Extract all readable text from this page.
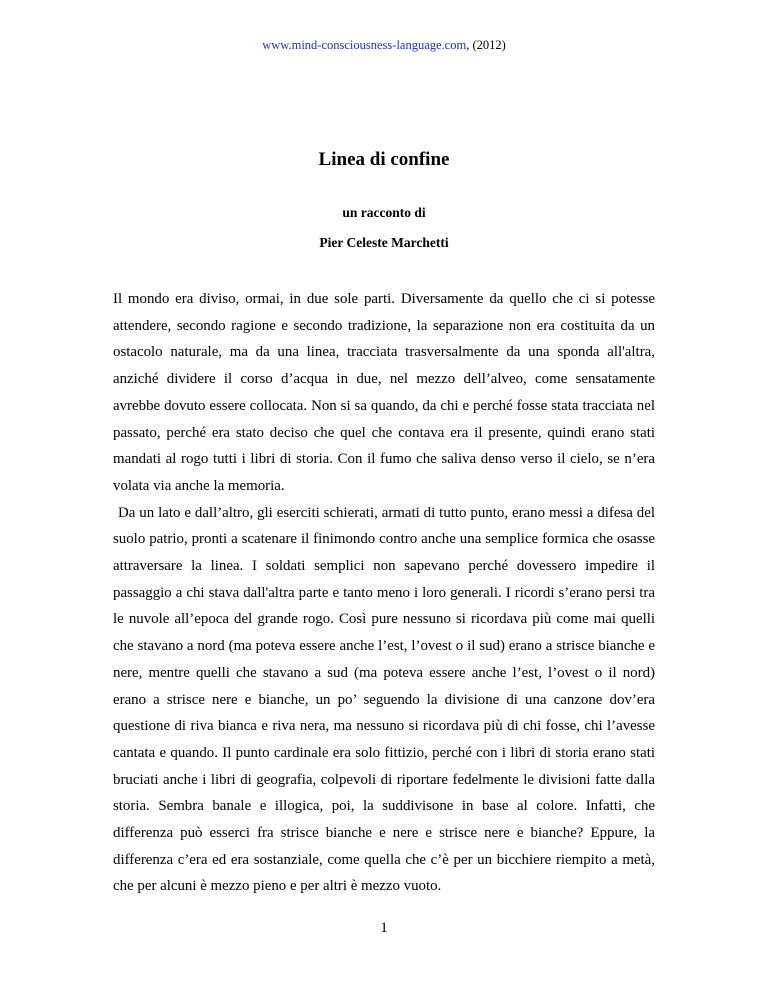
www.mind-consciousness-language.com, (2012)
Linea di confine
un racconto di
Pier Celeste Marchetti

Il mondo era diviso, ormai, in due sole parti. Diversamente da quello che ci si potesse attendere, secondo ragione e secondo tradizione, la separazione non era costituita da un ostacolo naturale, ma da una linea, tracciata trasversalmente da una sponda all'altra, anziché dividere il corso d’acqua in due, nel mezzo dell’alveo, come sensatamente avrebbe dovuto essere collocata. Non si sa quando, da chi e perché fosse stata tracciata nel passato, perché era stato deciso che quel che contava era il presente, quindi erano stati mandati al rogo tutti i libri di storia. Con il fumo che saliva denso verso il cielo, se n’era volata via anche la memoria.

Da un lato e dall’altro, gli eserciti schierati, armati di tutto punto, erano messi a difesa del suolo patrio, pronti a scatenare il finimondo contro anche una semplice formica che osasse attraversare la linea. I soldati semplici non sapevano perché dovessero impedire il passaggio a chi stava dall'altra parte e tanto meno i loro generali. I ricordi s’erano persi tra le nuvole all’epoca del grande rogo. Così pure nessuno si ricordava più come mai quelli che stavano a nord (ma poteva essere anche l’est, l’ovest o il sud) erano a strisce bianche e nere, mentre quelli che stavano a sud (ma poteva essere anche l’est, l’ovest o il nord) erano a strisce nere e bianche, un po’ seguendo la divisione di una canzone dov’era questione di riva bianca e riva nera, ma nessuno si ricordava più di chi fosse, chi l’avesse cantata e quando. Il punto cardinale era solo fittizio, perché con i libri di storia erano stati bruciati anche i libri di geografia, colpevoli di riportare fedelmente le divisioni fatte dalla storia. Sembra banale e illogica, poi, la suddivisone in base al colore. Infatti, che differenza può esserci fra strisce bianche e nere e strisce nere e bianche? Eppure, la differenza c’era ed era sostanziale, come quella che c’è per un bicchiere riempito a metà, che per alcuni è mezzo pieno e per altri è mezzo vuoto.

1
